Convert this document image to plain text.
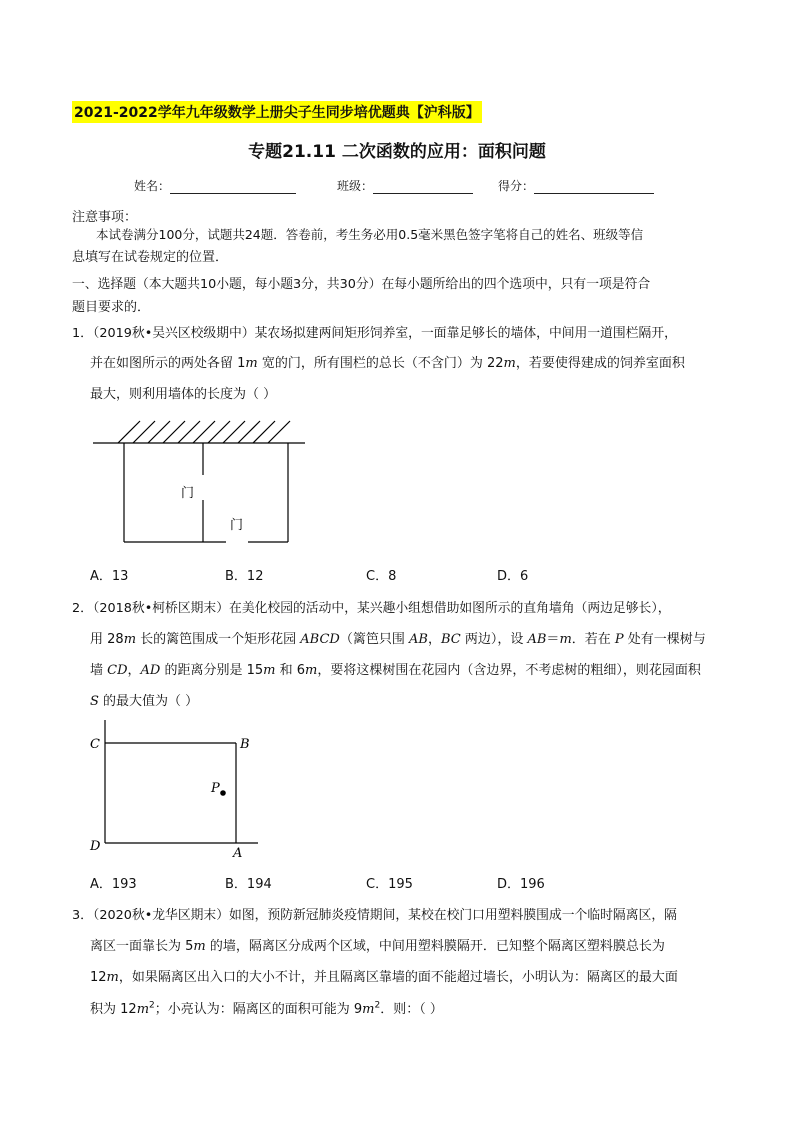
2021-2022学年九年级数学上册尖子生同步培优题典【沪科版】
专题21.11 二次函数的应用：面积问题
姓名：	班级：	得分：
注意事项：
本试卷满分100分，试题共24题．答卷前，考生务必用0.5毫米黑色签字笔将自己的姓名、班级等信
息填写在试卷规定的位置．
一、选择题（本大题共10小题，每小题3分，共30分）在每小题所给出的四个选项中，只有一项是符合
题目要求的．
1．（2019秋•吴兴区校级期中）某农场拟建两间矩形饲养室，一面靠足够长的墙体，中间用一道围栏隔开，
并在如图所示的两处各留 1m 宽的门，所有围栏的总长（不含门）为 22m，若要使得建成的饲养室面积
最大，则利用墙体的长度为（ ）
门
门
A．13	B．12	C．8	D．6
2．（2018秋•柯桥区期末）在美化校园的活动中，某兴趣小组想借助如图所示的直角墙角（两边足够长），
用 28m 长的篱笆围成一个矩形花园 ABCD（篱笆只围 AB，BC 两边），设 AB＝m．若在 P 处有一棵树与
墙 CD，AD 的距离分别是 15m 和 6m，要将这棵树围在花园内（含边界，不考虑树的粗细），则花园面积
S 的最大值为（ ）
C	B
P
D	A
A．193	B．194	C．195	D．196
3．（2020秋•龙华区期末）如图，预防新冠肺炎疫情期间，某校在校门口用塑料膜围成一个临时隔离区，隔
离区一面靠长为 5m 的墙，隔离区分成两个区域，中间用塑料膜隔开．已知整个隔离区塑料膜总长为
12m，如果隔离区出入口的大小不计，并且隔离区靠墙的面不能超过墙长，小明认为：隔离区的最大面
积为 $12m^2$；小亮认为：隔离区的面积可能为 $9m^2$．则：（ ）
